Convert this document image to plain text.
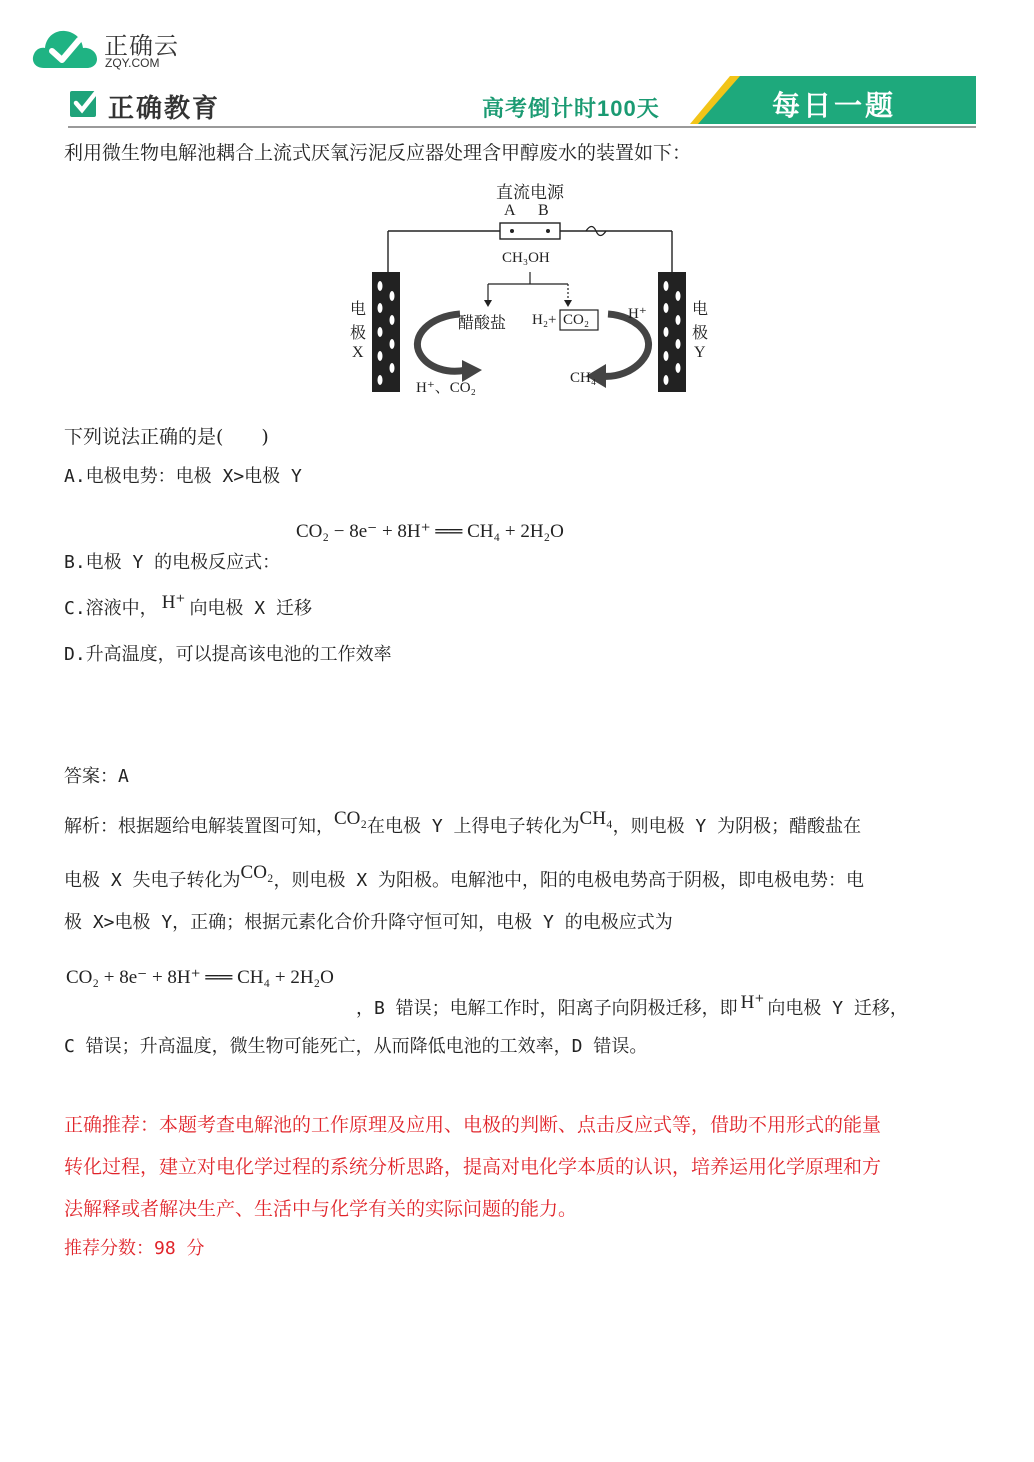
正确云
ZQY.COM
正确教育	高考倒计时100天	每日一题
利用微生物电解池耦合上流式厌氧污泥反应器处理含甲醇废水的装置如下：
直流电源
A B
CH₃OH
电
极
X
电
极
Y
醋酸盐 H₂+ CO₂	H⁺
H⁺、CO₂
CH₄
下列说法正确的是(　　)
A.电极电势：电极 X>电极 Y
CO₂ − 8e⁻ + 8H⁺ ══ CH₄ + 2H₂O
B.电极 Y 的电极反应式：
C.溶液中， H⁺ 向电极 X 迁移
D.升高温度，可以提高该电池的工作效率
答案：A
解析：根据题给电解装置图可知，CO₂在电极 Y 上得电子转化为CH₄，则电极 Y 为阴极；醋酸盐在
电极 X 失电子转化为CO₂，则电极 X 为阳极。电解池中，阳的电极电势高于阴极，即电极电势：电
极 X>电极 Y，正确；根据元素化合价升降守恒可知，电极 Y 的电极应式为
CO₂ + 8e⁻ + 8H⁺ ══ CH₄ + 2H₂O
，B 错误；电解工作时，阳离子向阴极迁移，即 H⁺ 向电极 Y 迁移，
C 错误；升高温度，微生物可能死亡，从而降低电池的工效率，D 错误。
正确推荐：本题考查电解池的工作原理及应用、电极的判断、点击反应式等，借助不用形式的能量
转化过程，建立对电化学过程的系统分析思路，提高对电化学本质的认识，培养运用化学原理和方
法解释或者解决生产、生活中与化学有关的实际问题的能力。
推荐分数：98 分
